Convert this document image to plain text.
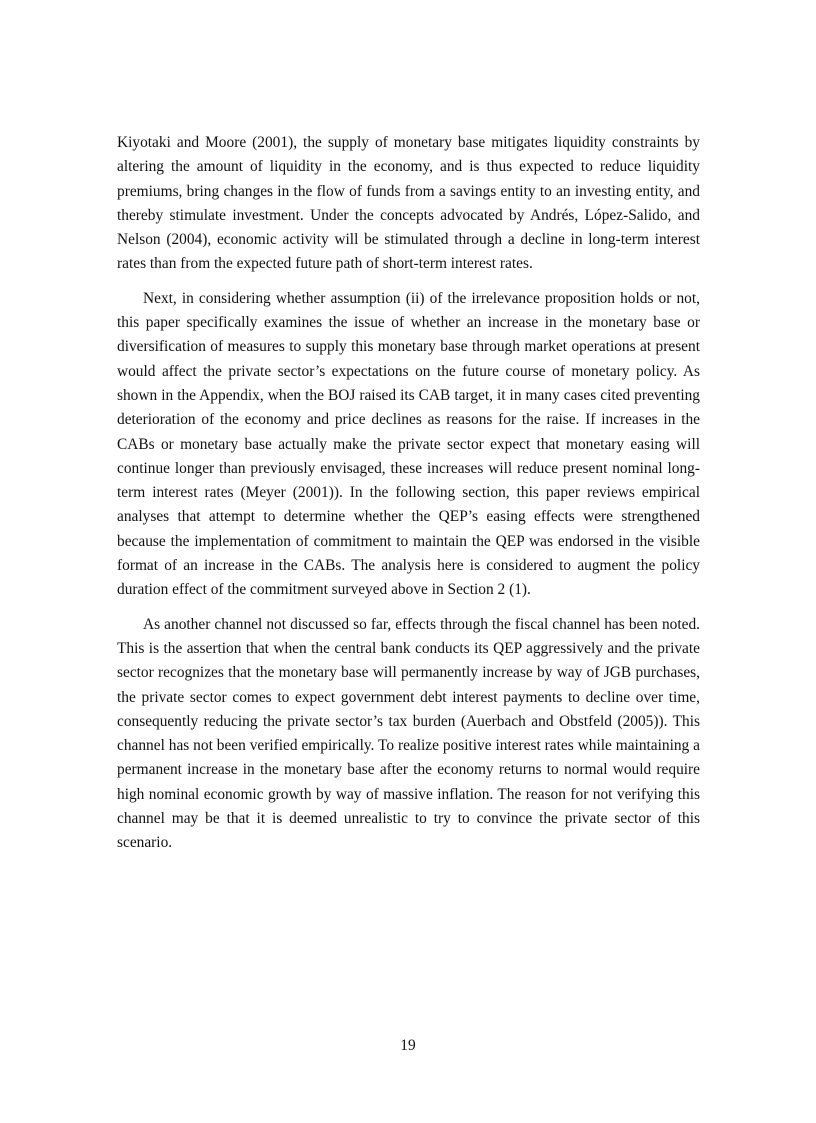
Kiyotaki and Moore (2001), the supply of monetary base mitigates liquidity constraints by altering the amount of liquidity in the economy, and is thus expected to reduce liquidity premiums, bring changes in the flow of funds from a savings entity to an investing entity, and thereby stimulate investment. Under the concepts advocated by Andrés, López-Salido, and Nelson (2004), economic activity will be stimulated through a decline in long-term interest rates than from the expected future path of short-term interest rates.

Next, in considering whether assumption (ii) of the irrelevance proposition holds or not, this paper specifically examines the issue of whether an increase in the monetary base or diversification of measures to supply this monetary base through market operations at present would affect the private sector’s expectations on the future course of monetary policy. As shown in the Appendix, when the BOJ raised its CAB target, it in many cases cited preventing deterioration of the economy and price declines as reasons for the raise. If increases in the CABs or monetary base actually make the private sector expect that monetary easing will continue longer than previously envisaged, these increases will reduce present nominal long-term interest rates (Meyer (2001)). In the following section, this paper reviews empirical analyses that attempt to determine whether the QEP’s easing effects were strengthened because the implementation of commitment to maintain the QEP was endorsed in the visible format of an increase in the CABs. The analysis here is considered to augment the policy duration effect of the commitment surveyed above in Section 2 (1).

As another channel not discussed so far, effects through the fiscal channel has been noted. This is the assertion that when the central bank conducts its QEP aggressively and the private sector recognizes that the monetary base will permanently increase by way of JGB purchases, the private sector comes to expect government debt interest payments to decline over time, consequently reducing the private sector’s tax burden (Auerbach and Obstfeld (2005)). This channel has not been verified empirically. To realize positive interest rates while maintaining a permanent increase in the monetary base after the economy returns to normal would require high nominal economic growth by way of massive inflation. The reason for not verifying this channel may be that it is deemed unrealistic to try to convince the private sector of this scenario.

19
